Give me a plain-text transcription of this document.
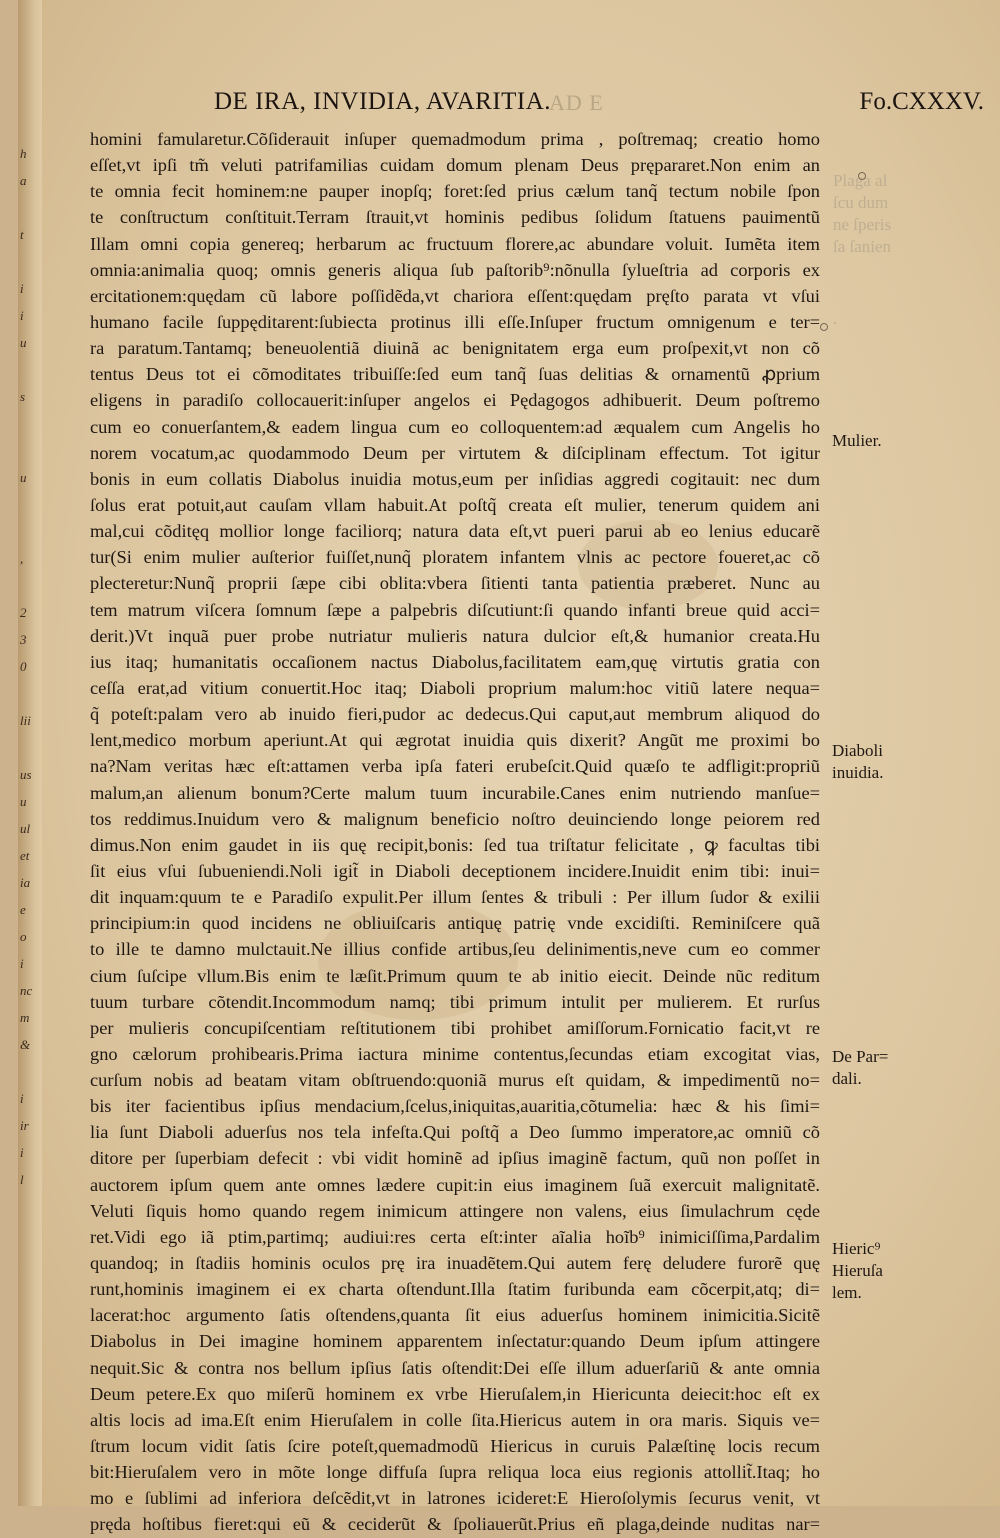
h
a
t
i
i
u
s
u
,
2
3
0
lii
us
u
ul
et
ia
e
o
i
nc
m
&
i
ir
i
l
Plaga al
ſcu dum
ne ſperis
ſa ſanien
.
DE IRA, INVIDIA, AVARITIA.
AD E	Fo.CXXXV.
homini famularetur.Cõſiderauit inſuper quemadmodum prima , poſtremaq; creatio homo
eſſet,vt ipſi tm̃ veluti patrifamilias cuidam domum plenam Deus prępararet.Non enim an
te omnia fecit hominem:ne pauper inopſq; foret:ſed prius cælum tanq̃ tectum nobile ſpon
te conſtructum conſtituit.Terram ſtrauit,vt hominis pedibus ſolidum ſtatuens pauimentũ
Illam omni copia genereq; herbarum ac fructuum florere,ac abundare voluit. Iumẽta item
omnia:animalia quoq; omnis generis aliqua ſub paſtorib⁹:nõnulla ſylueſtria ad corporis ex
ercitationem:quędam cũ labore poſſidẽda,vt chariora eſſent:quędam pręſto parata vt vſui
humano facile ſuppęditarent:ſubiecta protinus illi eſſe.Inſuper fructum omnigenum e ter=
ra paratum.Tantamq; beneuolentiã diuinã ac benignitatem erga eum proſpexit,vt non cõ
tentus Deus tot ei cõmoditates tribuiſſe:ſed eum tanq̃ ſuas delitias & ornamentũ ꝓprium
eligens in paradiſo collocauerit:inſuper angelos ei Pędagogos adhibuerit. Deum poſtremo
cum eo conuerſantem,& eadem lingua cum eo colloquentem:ad æqualem cum Angelis ho
norem vocatum,ac quodammodo Deum per virtutem & diſciplinam effectum. Tot igitur
bonis in eum collatis Diabolus inuidia motus,eum per inſidias aggredi cogitauit: nec dum
ſolus erat potuit,aut cauſam vllam habuit.At poſtq̃ creata eſt mulier, tenerum quidem ani
mal,cui cõditęq mollior longe faciliorq; natura data eſt,vt pueri parui ab eo lenius educarẽ
tur(Si enim mulier auſterior fuiſſet,nunq̃ ploratem infantem vlnis ac pectore foueret,ac cõ
plecteretur:Nunq̃ proprii ſæpe cibi oblita:vbera ſitienti tanta patientia præberet. Nunc au
tem matrum viſcera ſomnum ſæpe a palpebris diſcutiunt:ſi quando infanti breue quid acci=
derit.)Vt inquã puer probe nutriatur mulieris natura dulcior eſt,& humanior creata.Hu
ius itaq; humanitatis occaſionem nactus Diabolus,facilitatem eam,quę virtutis gratia con
ceſſa erat,ad vitium conuertit.Hoc itaq; Diaboli proprium malum:hoc vitiũ latere nequa=
q̃ poteſt:palam vero ab inuido fieri,pudor ac dedecus.Qui caput,aut membrum aliquod do
lent,medico morbum aperiunt.At qui ægrotat inuidia quis dixerit? Angũt me proximi bo
na?Nam veritas hæc eſt:attamen verba ipſa fateri erubeſcit.Quid quæſo te adfligit:propriũ
malum,an alienum bonum?Certe malum tuum incurabile.Canes enim nutriendo manſue=
tos reddimus.Inuidum vero & malignum beneficio noſtro deuinciendo longe peiorem red
dimus.Non enim gaudet in iis quę recipit,bonis: ſed tua triſtatur felicitate , ꝙ facultas tibi
ſit eius vſui ſubueniendi.Noli igit̃ in Diaboli deceptionem incidere.Inuidit enim tibi: inui=
dit inquam:quum te e Paradiſo expulit.Per illum ſentes & tribuli : Per illum ſudor & exilii
principium:in quod incidens ne obliuiſcaris antiquę patrię vnde excidiſti. Reminiſcere quã
to ille te damno mulctauit.Ne illius confide artibus,ſeu delinimentis,neve cum eo commer
cium ſuſcipe vllum.Bis enim te læſit.Primum quum te ab initio eiecit. Deinde nũc reditum
tuum turbare cõtendit.Incommodum namq; tibi primum intulit per mulierem. Et rurſus
per mulieris concupiſcentiam reſtitutionem tibi prohibet amiſſorum.Fornicatio facit,vt re
gno cælorum prohibearis.Prima iactura minime contentus,ſecundas etiam excogitat vias,
curſum nobis ad beatam vitam obſtruendo:quoniã murus eſt quidam, & impedimentũ no=
bis iter facientibus ipſius mendacium,ſcelus,iniquitas,auaritia,cõtumelia: hæc & his ſimi=
lia ſunt Diaboli aduerſus nos tela infeſta.Qui poſtq̃ a Deo ſummo imperatore,ac omniũ cõ
ditore per ſuperbiam defecit : vbi vidit hominẽ ad ipſius imaginẽ factum, quũ non poſſet in
auctorem ipſum quem ante omnes lædere cupit:in eius imaginem ſuã exercuit malignitatẽ.
Veluti ſiquis homo quando regem inimicum attingere non valens, eius ſimulachrum cęde
ret.Vidi ego iã ptim,partimq; audiui:res certa eſt:inter aĩalia hoĩb⁹ inimiciſſima,Pardalim
quandoq; in ſtadiis hominis oculos prę ira inuadẽtem.Qui autem ferę deludere furorẽ quę
runt,hominis imaginem ei ex charta oſtendunt.Illa ſtatim furibunda eam cõcerpit,atq; di=
lacerat:hoc argumento ſatis oſtendens,quanta ſit eius aduerſus hominem inimicitia.Sicitẽ
Diabolus in Dei imagine hominem apparentem inſectatur:quando Deum ipſum attingere
nequit.Sic & contra nos bellum ipſius ſatis oſtendit:Dei eſſe illum aduerſariũ & ante omnia
Deum petere.Ex quo miſerũ hominem ex vrbe Hieruſalem,in Hiericunta deiecit:hoc eſt ex
altis locis ad ima.Eſt enim Hieruſalem in colle ſita.Hiericus autem in ora maris. Siquis ve=
ſtrum locum vidit ſatis ſcire poteſt,quemadmodũ Hiericus in curuis Palæſtinę locis recum
bit:Hieruſalem vero in mõte longe diffuſa ſupra reliqua loca eius regionis attollit̃.Itaq; ho
mo e ſublimi ad inferiora deſcẽdit,vt in latrones icideret:E Hieroſolymis ſecurus venit, vt
prędа hoſtibus fieret:qui eũ & ceciderũt & ſpoliauerũt.Prius eñ plaga,deinde nuditas nar=
Mulier.
Diaboli
inuidia.
De Par=
dali.
Hieric⁹
Hieruſa
lem.
